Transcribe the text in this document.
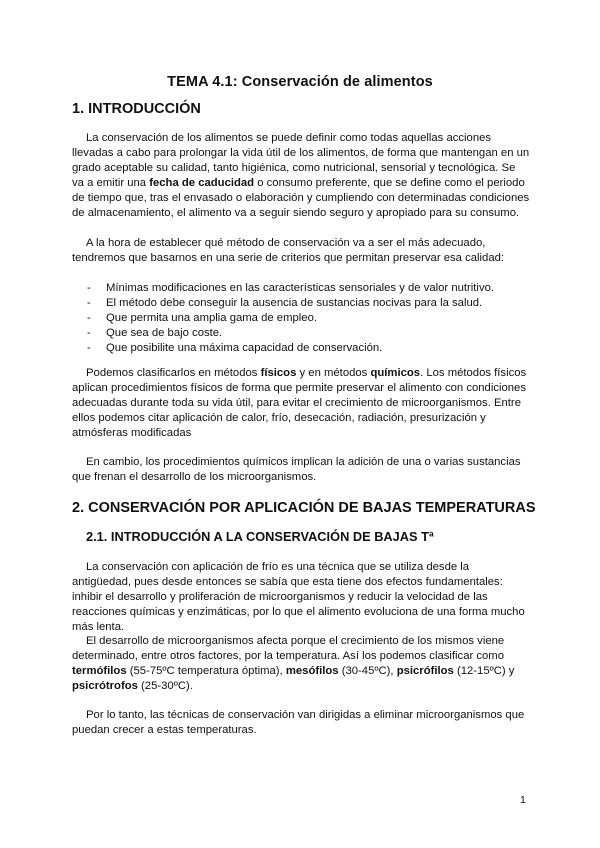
TEMA 4.1: Conservación de alimentos
1. INTRODUCCIÓN

La conservación de los alimentos se puede definir como todas aquellas acciones llevadas a cabo para prolongar la vida útil de los alimentos, de forma que mantengan en un grado aceptable su calidad, tanto higiénica, como nutricional, sensorial y tecnológica. Se va a emitir una fecha de caducidad o consumo preferente, que se define como el periodo de tiempo que, tras el envasado o elaboración y cumpliendo con determinadas condiciones de almacenamiento, el alimento va a seguir siendo seguro y apropiado para su consumo.

A la hora de establecer qué método de conservación va a ser el más adecuado, tendremos que basarnos en una serie de criterios que permitan preservar esa calidad:

- Mínimas modificaciones en las características sensoriales y de valor nutritivo.
- El método debe conseguir la ausencia de sustancias nocivas para la salud.
- Que permita una amplia gama de empleo.
- Que sea de bajo coste.
- Que posibilite una máxima capacidad de conservación.

Podemos clasificarlos en métodos físicos y en métodos químicos. Los métodos físicos aplican procedimientos físicos de forma que permite preservar el alimento con condiciones adecuadas durante toda su vida útil, para evitar el crecimiento de microorganismos. Entre ellos podemos citar aplicación de calor, frío, desecación, radiación, presurización y atmósferas modificadas

En cambio, los procedimientos químicos implican la adición de una o varias sustancias que frenan el desarrollo de los microorganismos.

2. CONSERVACIÓN POR APLICACIÓN DE BAJAS TEMPERATURAS
2.1. INTRODUCCIÓN A LA CONSERVACIÓN DE BAJAS Tª

La conservación con aplicación de frío es una técnica que se utiliza desde la antigüedad, pues desde entonces se sabía que esta tiene dos efectos fundamentales: inhibir el desarrollo y proliferación de microorganismos y reducir la velocidad de las reacciones químicas y enzimáticas, por lo que el alimento evoluciona de una forma mucho más lenta.

El desarrollo de microorganismos afecta porque el crecimiento de los mismos viene determinado, entre otros factores, por la temperatura. Así los podemos clasificar como termófilos (55-75ºC temperatura óptima), mesófilos (30-45ºC), psicrófilos (12-15ºC) y psicrótrofos (25-30ºC).

Por lo tanto, las técnicas de conservación van dirigidas a eliminar microorganismos que puedan crecer a estas temperaturas.

1
